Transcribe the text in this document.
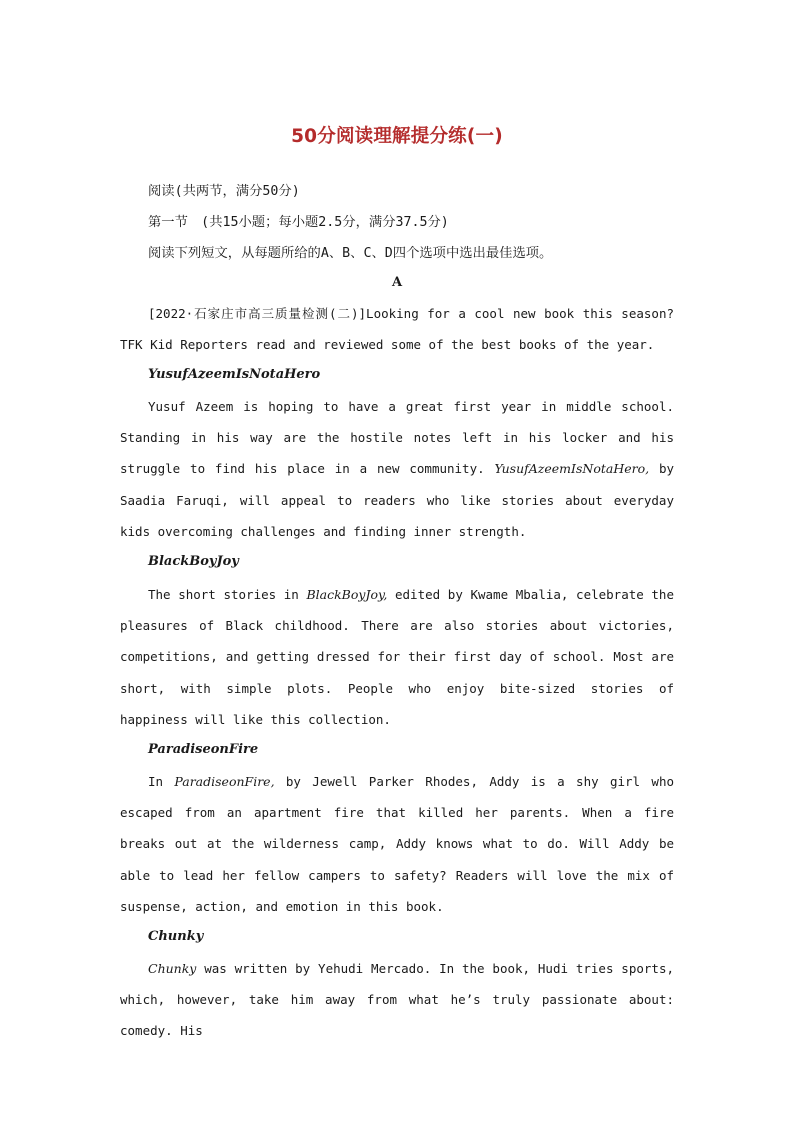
50分阅读理解提分练(一)
阅读(共两节，满分50分)
第一节　(共15小题；每小题2.5分，满分37.5分)
阅读下列短文，从每题所给的A、B、C、D四个选项中选出最佳选项。
A
[2022·石家庄市高三质量检测(二)]Looking for a cool new book this season? TFK Kid Reporters read and reviewed some of the best books of the year.
YusufAzeemIsNotaHero
Yusuf Azeem is hoping to have a great first year in middle school. Standing in his way are the hostile notes left in his locker and his struggle to find his place in a new community. YusufAzeemIsNotaHero, by Saadia Faruqi, will appeal to readers who like stories about everyday kids overcoming challenges and finding inner strength.
BlackBoyJoy
The short stories in BlackBoyJoy, edited by Kwame Mbalia, celebrate the pleasures of Black childhood. There are also stories about victories, competitions, and getting dressed for their first day of school. Most are short, with simple plots. People who enjoy bite-sized stories of happiness will like this collection.
ParadiseonFire
In ParadiseonFire, by Jewell Parker Rhodes, Addy is a shy girl who escaped from an apartment fire that killed her parents. When a fire breaks out at the wilderness camp, Addy knows what to do. Will Addy be able to lead her fellow campers to safety? Readers will love the mix of suspense, action, and emotion in this book.
Chunky
Chunky was written by Yehudi Mercado. In the book, Hudi tries sports, which, however, take him away from what he’s truly passionate about: comedy. His
